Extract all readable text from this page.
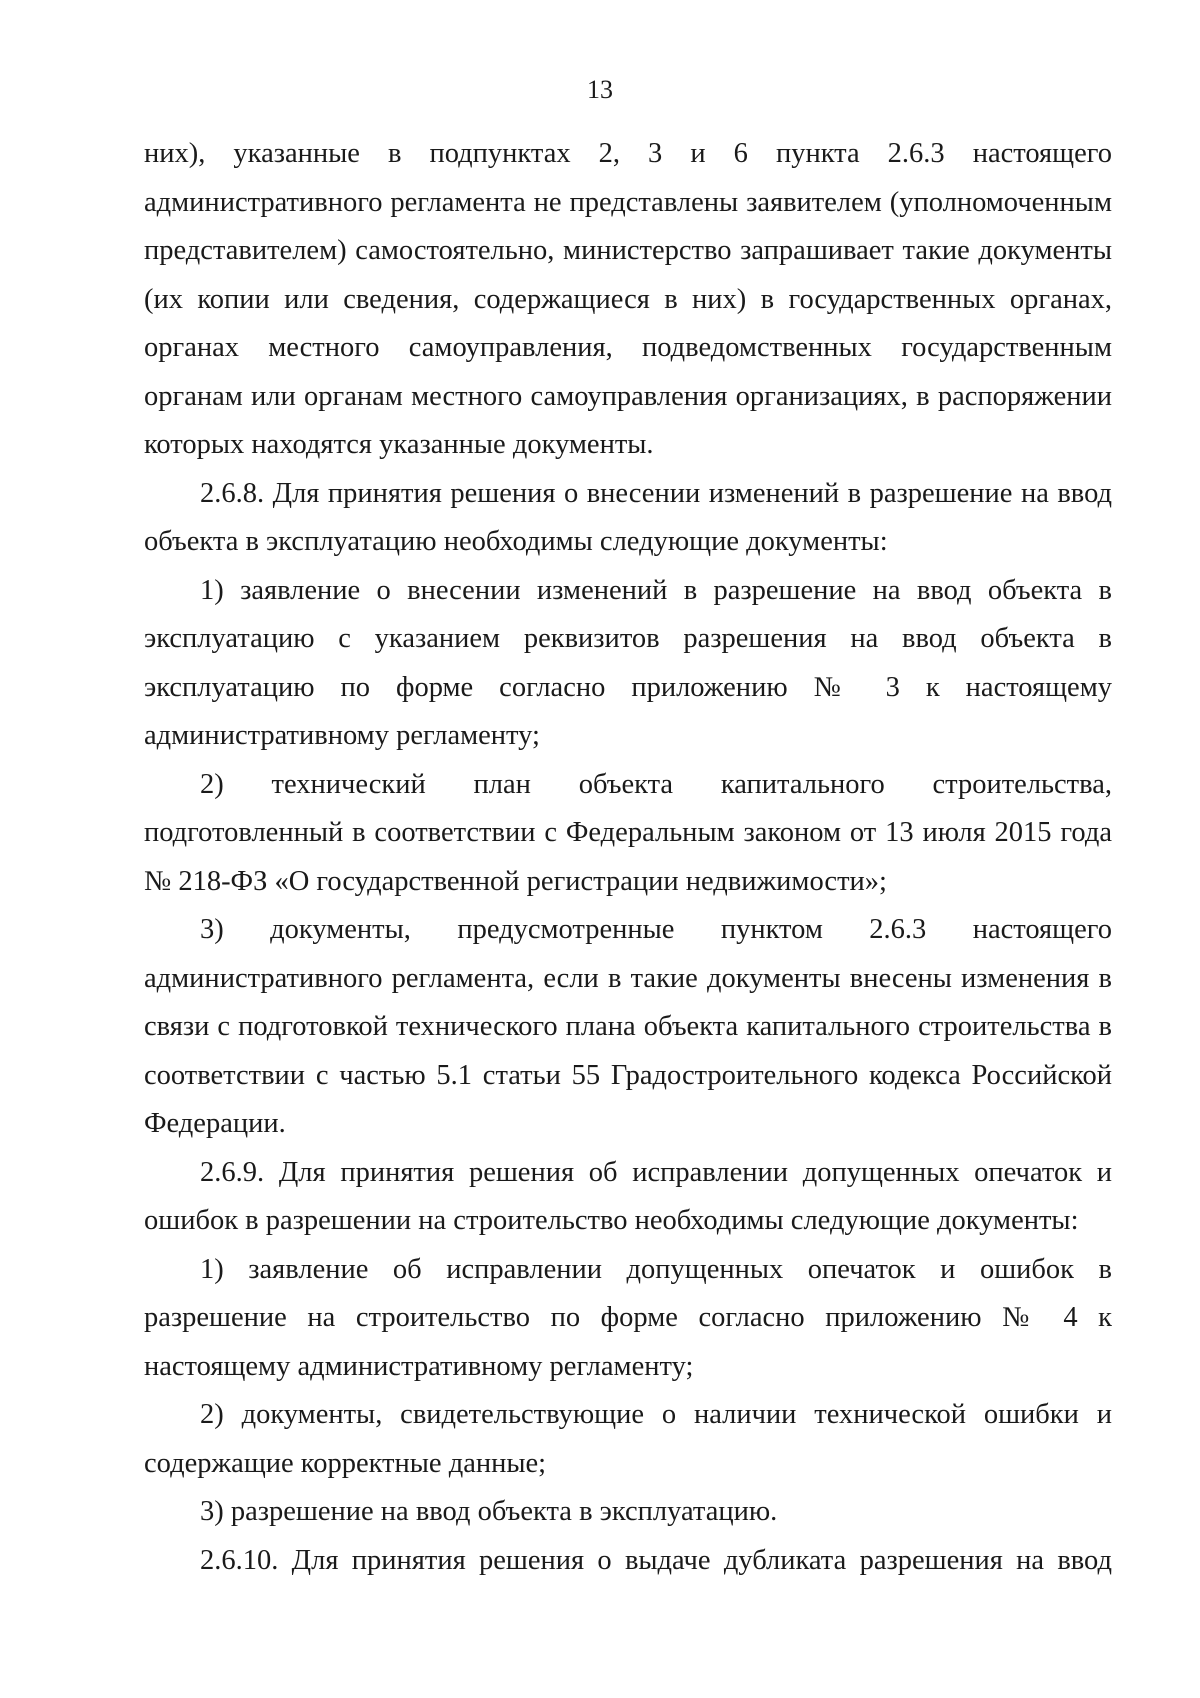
13

них), указанные в подпунктах 2, 3 и 6 пункта 2.6.3 настоящего административного регламента не представлены заявителем (уполномоченным представителем) самостоятельно, министерство запрашивает такие документы (их копии или сведения, содержащиеся в них) в государственных органах, органах местного самоуправления, подведомственных государственным органам или органам местного самоуправления организациях, в распоряжении которых находятся указанные документы.

2.6.8. Для принятия решения о внесении изменений в разрешение на ввод объекта в эксплуатацию необходимы следующие документы:

1) заявление о внесении изменений в разрешение на ввод объекта в эксплуатацию с указанием реквизитов разрешения на ввод объекта в эксплуатацию по форме согласно приложению № 3 к настоящему административному регламенту;

2) технический план объекта капитального строительства, подготовленный в соответствии с Федеральным законом от 13 июля 2015 года № 218-ФЗ «О государственной регистрации недвижимости»;

3) документы, предусмотренные пунктом 2.6.3 настоящего административного регламента, если в такие документы внесены изменения в связи с подготовкой технического плана объекта капитального строительства в соответствии с частью 5.1 статьи 55 Градостроительного кодекса Российской Федерации.

2.6.9. Для принятия решения об исправлении допущенных опечаток и ошибок в разрешении на строительство необходимы следующие документы:

1) заявление об исправлении допущенных опечаток и ошибок в разрешение на строительство по форме согласно приложению № 4 к настоящему административному регламенту;

2) документы, свидетельствующие о наличии технической ошибки и содержащие корректные данные;

3) разрешение на ввод объекта в эксплуатацию.

2.6.10. Для принятия решения о выдаче дубликата разрешения на ввод
